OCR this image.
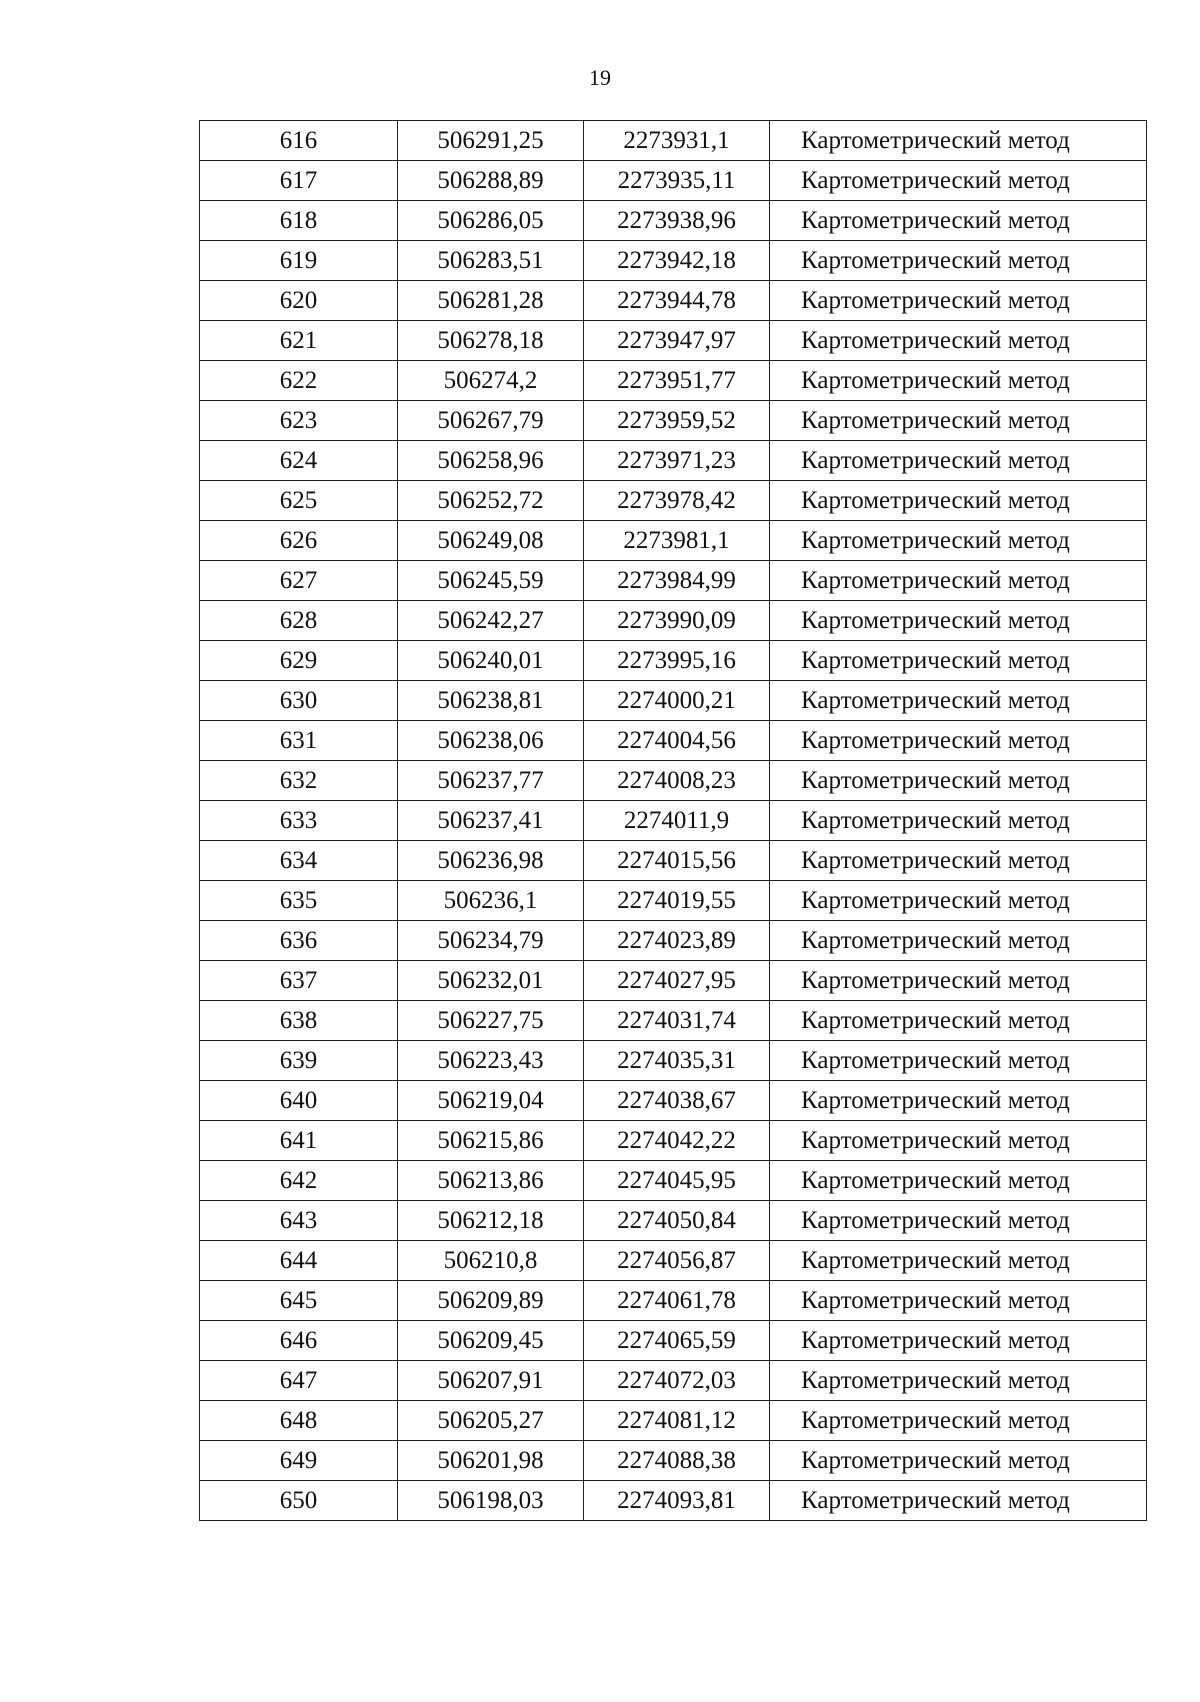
19
616	506291,25	2273931,1	Картометрический метод
617	506288,89	2273935,11	Картометрический метод
618	506286,05	2273938,96	Картометрический метод
619	506283,51	2273942,18	Картометрический метод
620	506281,28	2273944,78	Картометрический метод
621	506278,18	2273947,97	Картометрический метод
622	506274,2	2273951,77	Картометрический метод
623	506267,79	2273959,52	Картометрический метод
624	506258,96	2273971,23	Картометрический метод
625	506252,72	2273978,42	Картометрический метод
626	506249,08	2273981,1	Картометрический метод
627	506245,59	2273984,99	Картометрический метод
628	506242,27	2273990,09	Картометрический метод
629	506240,01	2273995,16	Картометрический метод
630	506238,81	2274000,21	Картометрический метод
631	506238,06	2274004,56	Картометрический метод
632	506237,77	2274008,23	Картометрический метод
633	506237,41	2274011,9	Картометрический метод
634	506236,98	2274015,56	Картометрический метод
635	506236,1	2274019,55	Картометрический метод
636	506234,79	2274023,89	Картометрический метод
637	506232,01	2274027,95	Картометрический метод
638	506227,75	2274031,74	Картометрический метод
639	506223,43	2274035,31	Картометрический метод
640	506219,04	2274038,67	Картометрический метод
641	506215,86	2274042,22	Картометрический метод
642	506213,86	2274045,95	Картометрический метод
643	506212,18	2274050,84	Картометрический метод
644	506210,8	2274056,87	Картометрический метод
645	506209,89	2274061,78	Картометрический метод
646	506209,45	2274065,59	Картометрический метод
647	506207,91	2274072,03	Картометрический метод
648	506205,27	2274081,12	Картометрический метод
649	506201,98	2274088,38	Картометрический метод
650	506198,03	2274093,81	Картометрический метод
